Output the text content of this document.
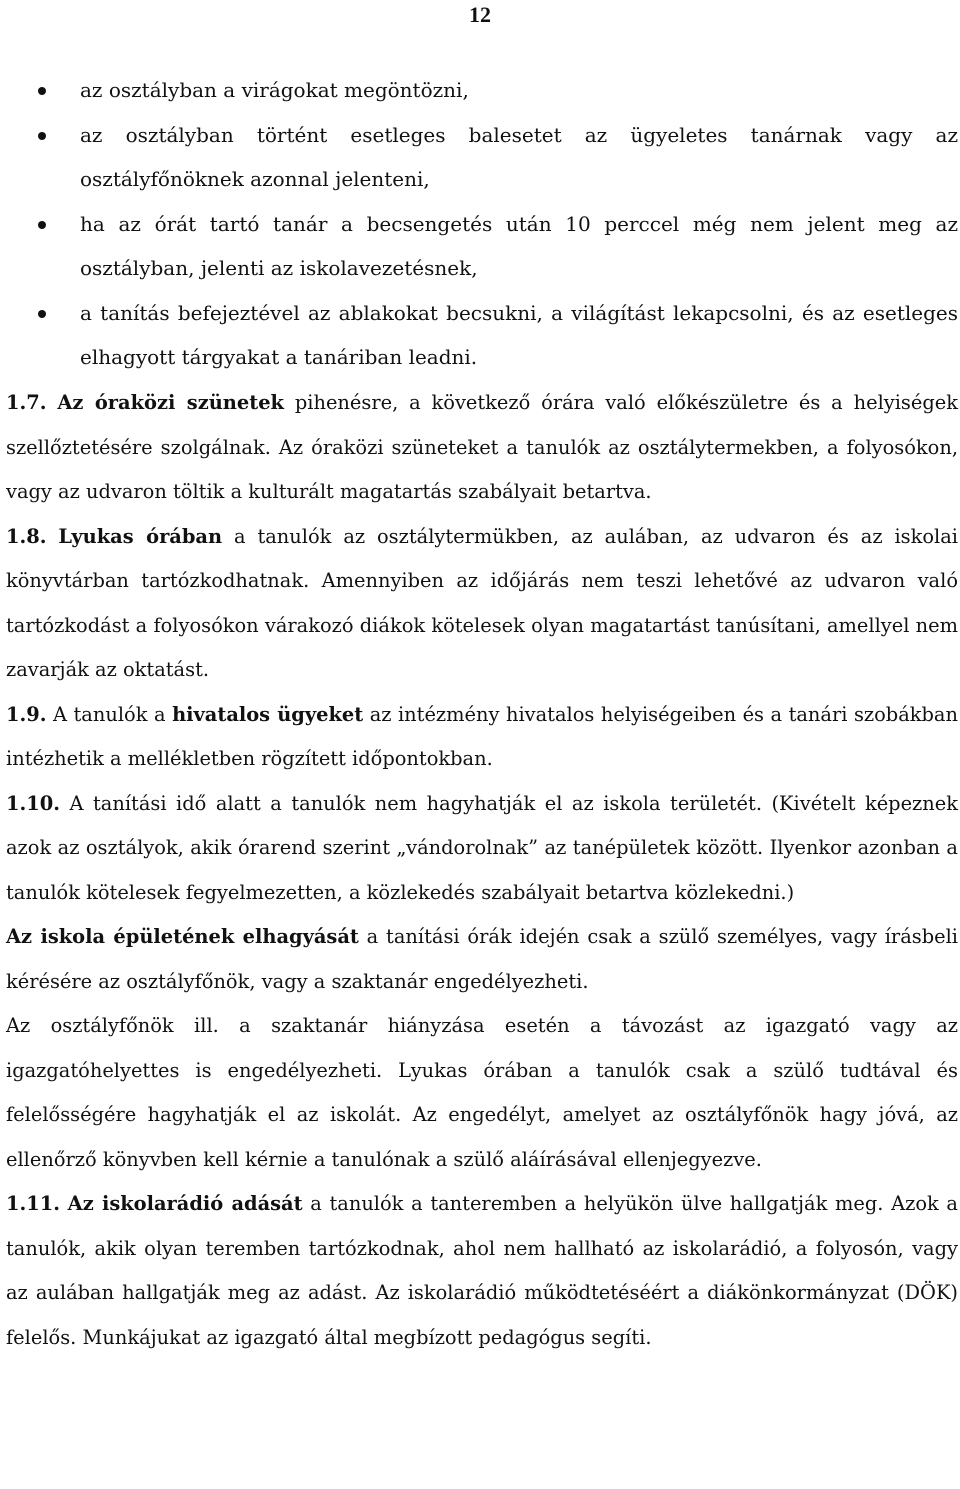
12
az osztályban a virágokat megöntözni,
az osztályban történt esetleges balesetet az ügyeletes tanárnak vagy az osztályfőnöknek azonnal jelenteni,
ha az órát tartó tanár a becsengetés után 10 perccel még nem jelent meg az osztályban, jelenti az iskolavezetésnek,
a tanítás befejeztével az ablakokat becsukni, a világítást lekapcsolni, és az esetleges elhagyott tárgyakat a tanáriban leadni.

1.7. Az óraközi szünetek pihenésre, a következő órára való előkészületre és a helyiségek szellőztetésére szolgálnak. Az óraközi szüneteket a tanulók az osztálytermekben, a folyosókon, vagy az udvaron töltik a kulturált magatartás szabályait betartva.

1.8. Lyukas órában a tanulók az osztálytermükben, az aulában, az udvaron és az iskolai könyvtárban tartózkodhatnak. Amennyiben az időjárás nem teszi lehetővé az udvaron való tartózkodást a folyosókon várakozó diákok kötelesek olyan magatartást tanúsítani, amellyel nem zavarják az oktatást.

1.9. A tanulók a hivatalos ügyeket az intézmény hivatalos helyiségeiben és a tanári szobákban intézhetik a mellékletben rögzített időpontokban.

1.10. A tanítási idő alatt a tanulók nem hagyhatják el az iskola területét. (Kivételt képeznek azok az osztályok, akik órarend szerint „vándorolnak” az tanépületek között. Ilyenkor azonban a tanulók kötelesek fegyelmezetten, a közlekedés szabályait betartva közlekedni.)

Az iskola épületének elhagyását a tanítási órák idején csak a szülő személyes, vagy írásbeli kérésére az osztályfőnök, vagy a szaktanár engedélyezheti.

Az osztályfőnök ill. a szaktanár hiányzása esetén a távozást az igazgató vagy az igazgatóhelyettes is engedélyezheti. Lyukas órában a tanulók csak a szülő tudtával és felelősségére hagyhatják el az iskolát. Az engedélyt, amelyet az osztályfőnök hagy jóvá, az ellenőrző könyvben kell kérnie a tanulónak a szülő aláírásával ellenjegyezve.

1.11. Az iskolarádió adását a tanulók a tanteremben a helyükön ülve hallgatják meg. Azok a tanulók, akik olyan teremben tartózkodnak, ahol nem hallható az iskolarádió, a folyosón, vagy az aulában hallgatják meg az adást. Az iskolarádió működtetéséért a diákönkormányzat (DÖK) felelős. Munkájukat az igazgató által megbízott pedagógus segíti.
